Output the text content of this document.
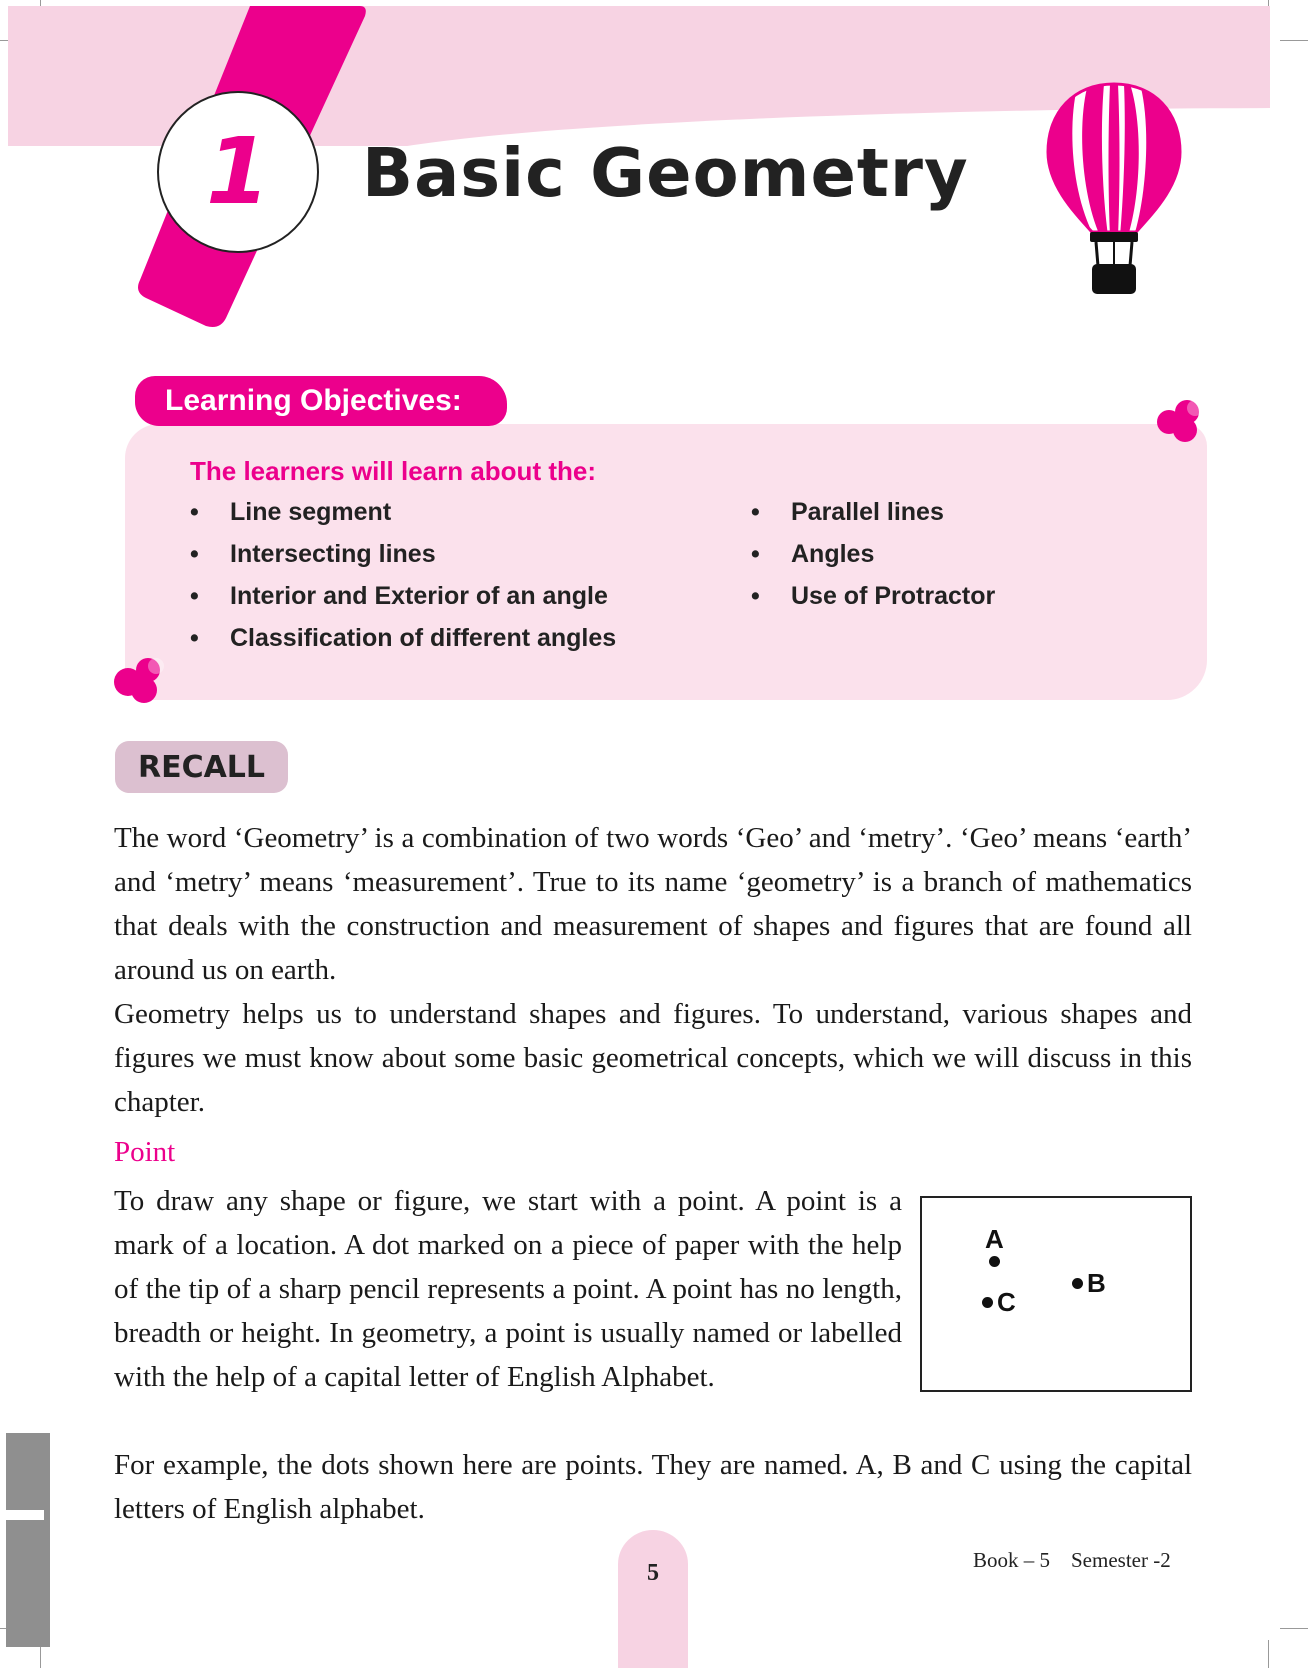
1 Basic Geometry
Learning Objectives:
The learners will learn about the:
• Line segment
• Intersecting lines
• Interior and Exterior of an angle
• Classification of different angles
• Parallel lines
• Angles
• Use of Protractor
RECALL

The word ‘Geometry’ is a combination of two words ‘Geo’ and ‘metry’. ‘Geo’ means ‘earth’ and ‘metry’ means ‘measurement’. True to its name ‘geometry’ is a branch of mathematics that deals with the construction and measurement of shapes and figures that are found all around us on earth.

Geometry helps us to understand shapes and figures. To understand, various shapes and figures we must know about some basic geometrical concepts, which we will discuss in this chapter.

Point

To draw any shape or figure, we start with a point. A point is a mark of a location. A dot marked on a piece of paper with the help of the tip of a sharp pencil represents a point. A point has no length, breadth or height. In geometry, a point is usually named or labelled with the help of a capital letter of English Alphabet.

For example, the dots shown here are points. They are named. A, B and C using the capital letters of English alphabet.

A
B
C
5	Book – 5    Semester -2
